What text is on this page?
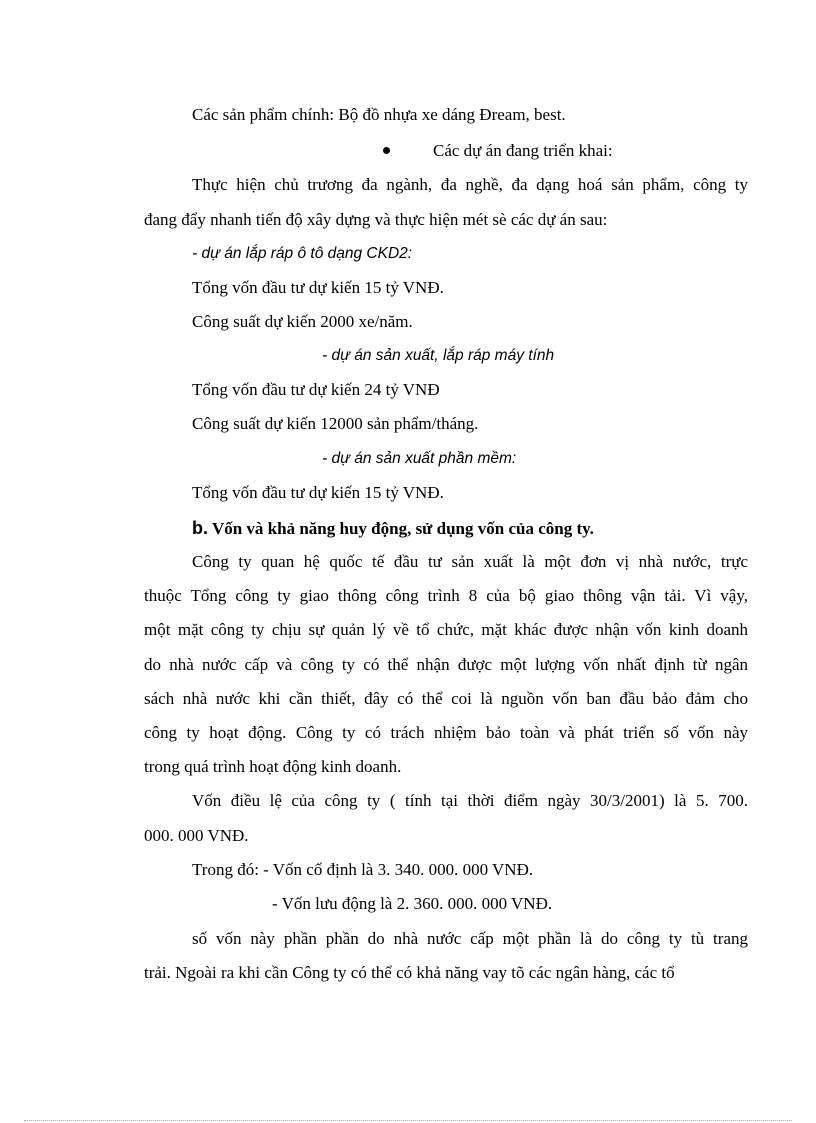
Các sản phẩm chính: Bộ đồ nhựa xe dáng Đream, best.
Các dự án đang triển khai:
Thực hiện chủ trương đa ngành, đa nghề, đa dạng hoá sản phẩm, công ty
đang đẩy nhanh tiến độ xây dựng và thực hiện mét sè các dự án sau:
- dự án lắp ráp ô tô dạng CKD2:
Tổng vốn đầu tư dự kiến 15 tỷ VNĐ.
Công suất dự kiến 2000 xe/năm.
- dự án sản xuất, lắp ráp máy tính
Tổng vốn đầu tư dự kiến 24 tỷ VNĐ
Công suất dự kiến 12000 sản phẩm/tháng.
- dự án sản xuất phần mềm:
Tổng vốn đầu tư dự kiến 15 tỷ VNĐ.
b. Vốn và khả năng huy động, sử dụng vốn của công ty.
Công ty quan hệ quốc tế đầu tư sản xuất là một đơn vị nhà nước, trực
thuộc Tổng công ty giao thông công trình 8 của bộ giao thông vận tải. Vì vậy,
một mặt công ty chịu sự quản lý về tổ chức, mặt khác được nhận vốn kinh doanh
do nhà nước cấp và công ty có thể nhận được một lượng vốn nhất định từ ngân
sách nhà nước khi cần thiết, đây có thể coi là nguồn vốn ban đầu bảo đảm cho
công ty hoạt động. Công ty có trách nhiệm bảo toàn và phát triển số vốn này
trong quá trình hoạt động kinh doanh.
Vốn điều lệ của công ty ( tính tại thời điểm ngày 30/3/2001) là 5. 700.
000. 000 VNĐ.
Trong đó: - Vốn cố định là 3. 340. 000. 000 VNĐ.
- Vốn lưu động là 2. 360. 000. 000 VNĐ.
số vốn này phần phần do nhà nước cấp một phần là do công ty tù trang
trải. Ngoài ra khi cần Công ty có thể có khả năng vay tõ các ngân hàng, các tổ
